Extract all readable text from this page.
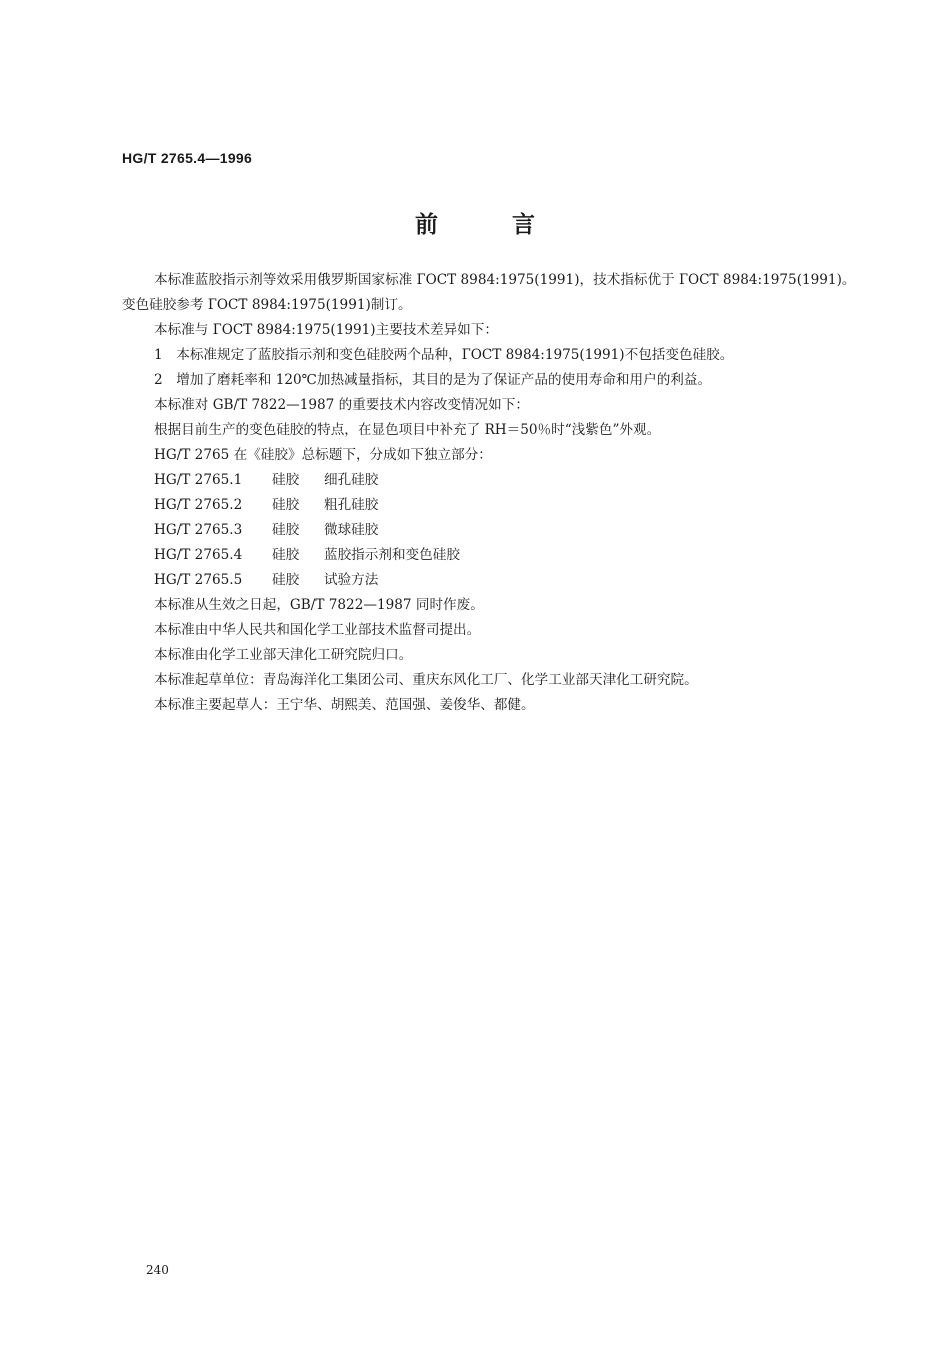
HG/T 2765.4—1996
前	言

本标准蓝胶指示剂等效采用俄罗斯国家标准 ГОСТ 8984:1975(1991)，技术指标优于 ГОСТ 8984:1975(1991)。变色硅胶参考 ГОСТ 8984:1975(1991)制订。

本标准与 ГОСТ 8984:1975(1991)主要技术差异如下：

1　本标准规定了蓝胶指示剂和变色硅胶两个品种，ГОСТ 8984:1975(1991)不包括变色硅胶。

2　增加了磨耗率和 120℃加热减量指标，其目的是为了保证产品的使用寿命和用户的利益。

本标准对 GB/T 7822—1987 的重要技术内容改变情况如下：

根据目前生产的变色硅胶的特点，在显色项目中补充了 RH＝50％时“浅紫色”外观。

HG/T 2765 在《硅胶》总标题下，分成如下独立部分：

HG/T 2765.1 硅胶 细孔硅胶
HG/T 2765.2 硅胶 粗孔硅胶
HG/T 2765.3 硅胶 微球硅胶
HG/T 2765.4 硅胶 蓝胶指示剂和变色硅胶
HG/T 2765.5 硅胶 试验方法

本标准从生效之日起，GB/T 7822—1987 同时作废。

本标准由中华人民共和国化学工业部技术监督司提出。

本标准由化学工业部天津化工研究院归口。

本标准起草单位：青岛海洋化工集团公司、重庆东风化工厂、化学工业部天津化工研究院。

本标准主要起草人：王宁华、胡熙美、范国强、姜俊华、都健。

240
